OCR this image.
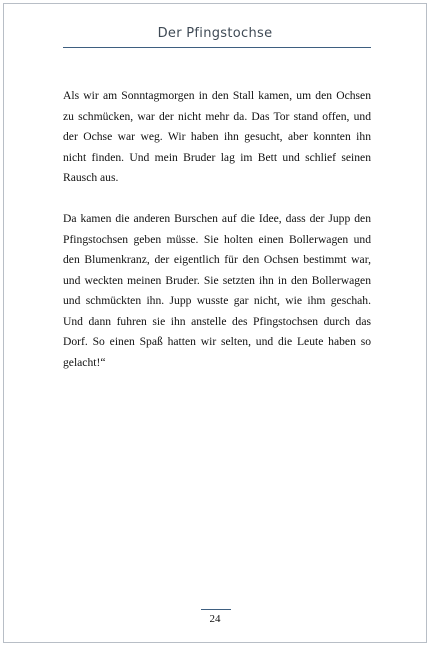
Der Pfingstochse

Als wir am Sonntagmorgen in den Stall kamen, um den Ochsen zu schmücken, war der nicht mehr da. Das Tor stand offen, und der Ochse war weg. Wir haben ihn gesucht, aber konnten ihn nicht finden. Und mein Bruder lag im Bett und schlief seinen Rausch aus.

Da kamen die anderen Burschen auf die Idee, dass der Jupp den Pfingstochsen geben müsse. Sie holten einen Bollerwagen und den Blumenkranz, der eigentlich für den Ochsen bestimmt war, und weckten meinen Bruder. Sie setzten ihn in den Bollerwagen und schmückten ihn. Jupp wusste gar nicht, wie ihm geschah. Und dann fuhren sie ihn anstelle des Pfingstochsen durch das Dorf. So einen Spaß hatten wir selten, und die Leute haben so gelacht!“

24
